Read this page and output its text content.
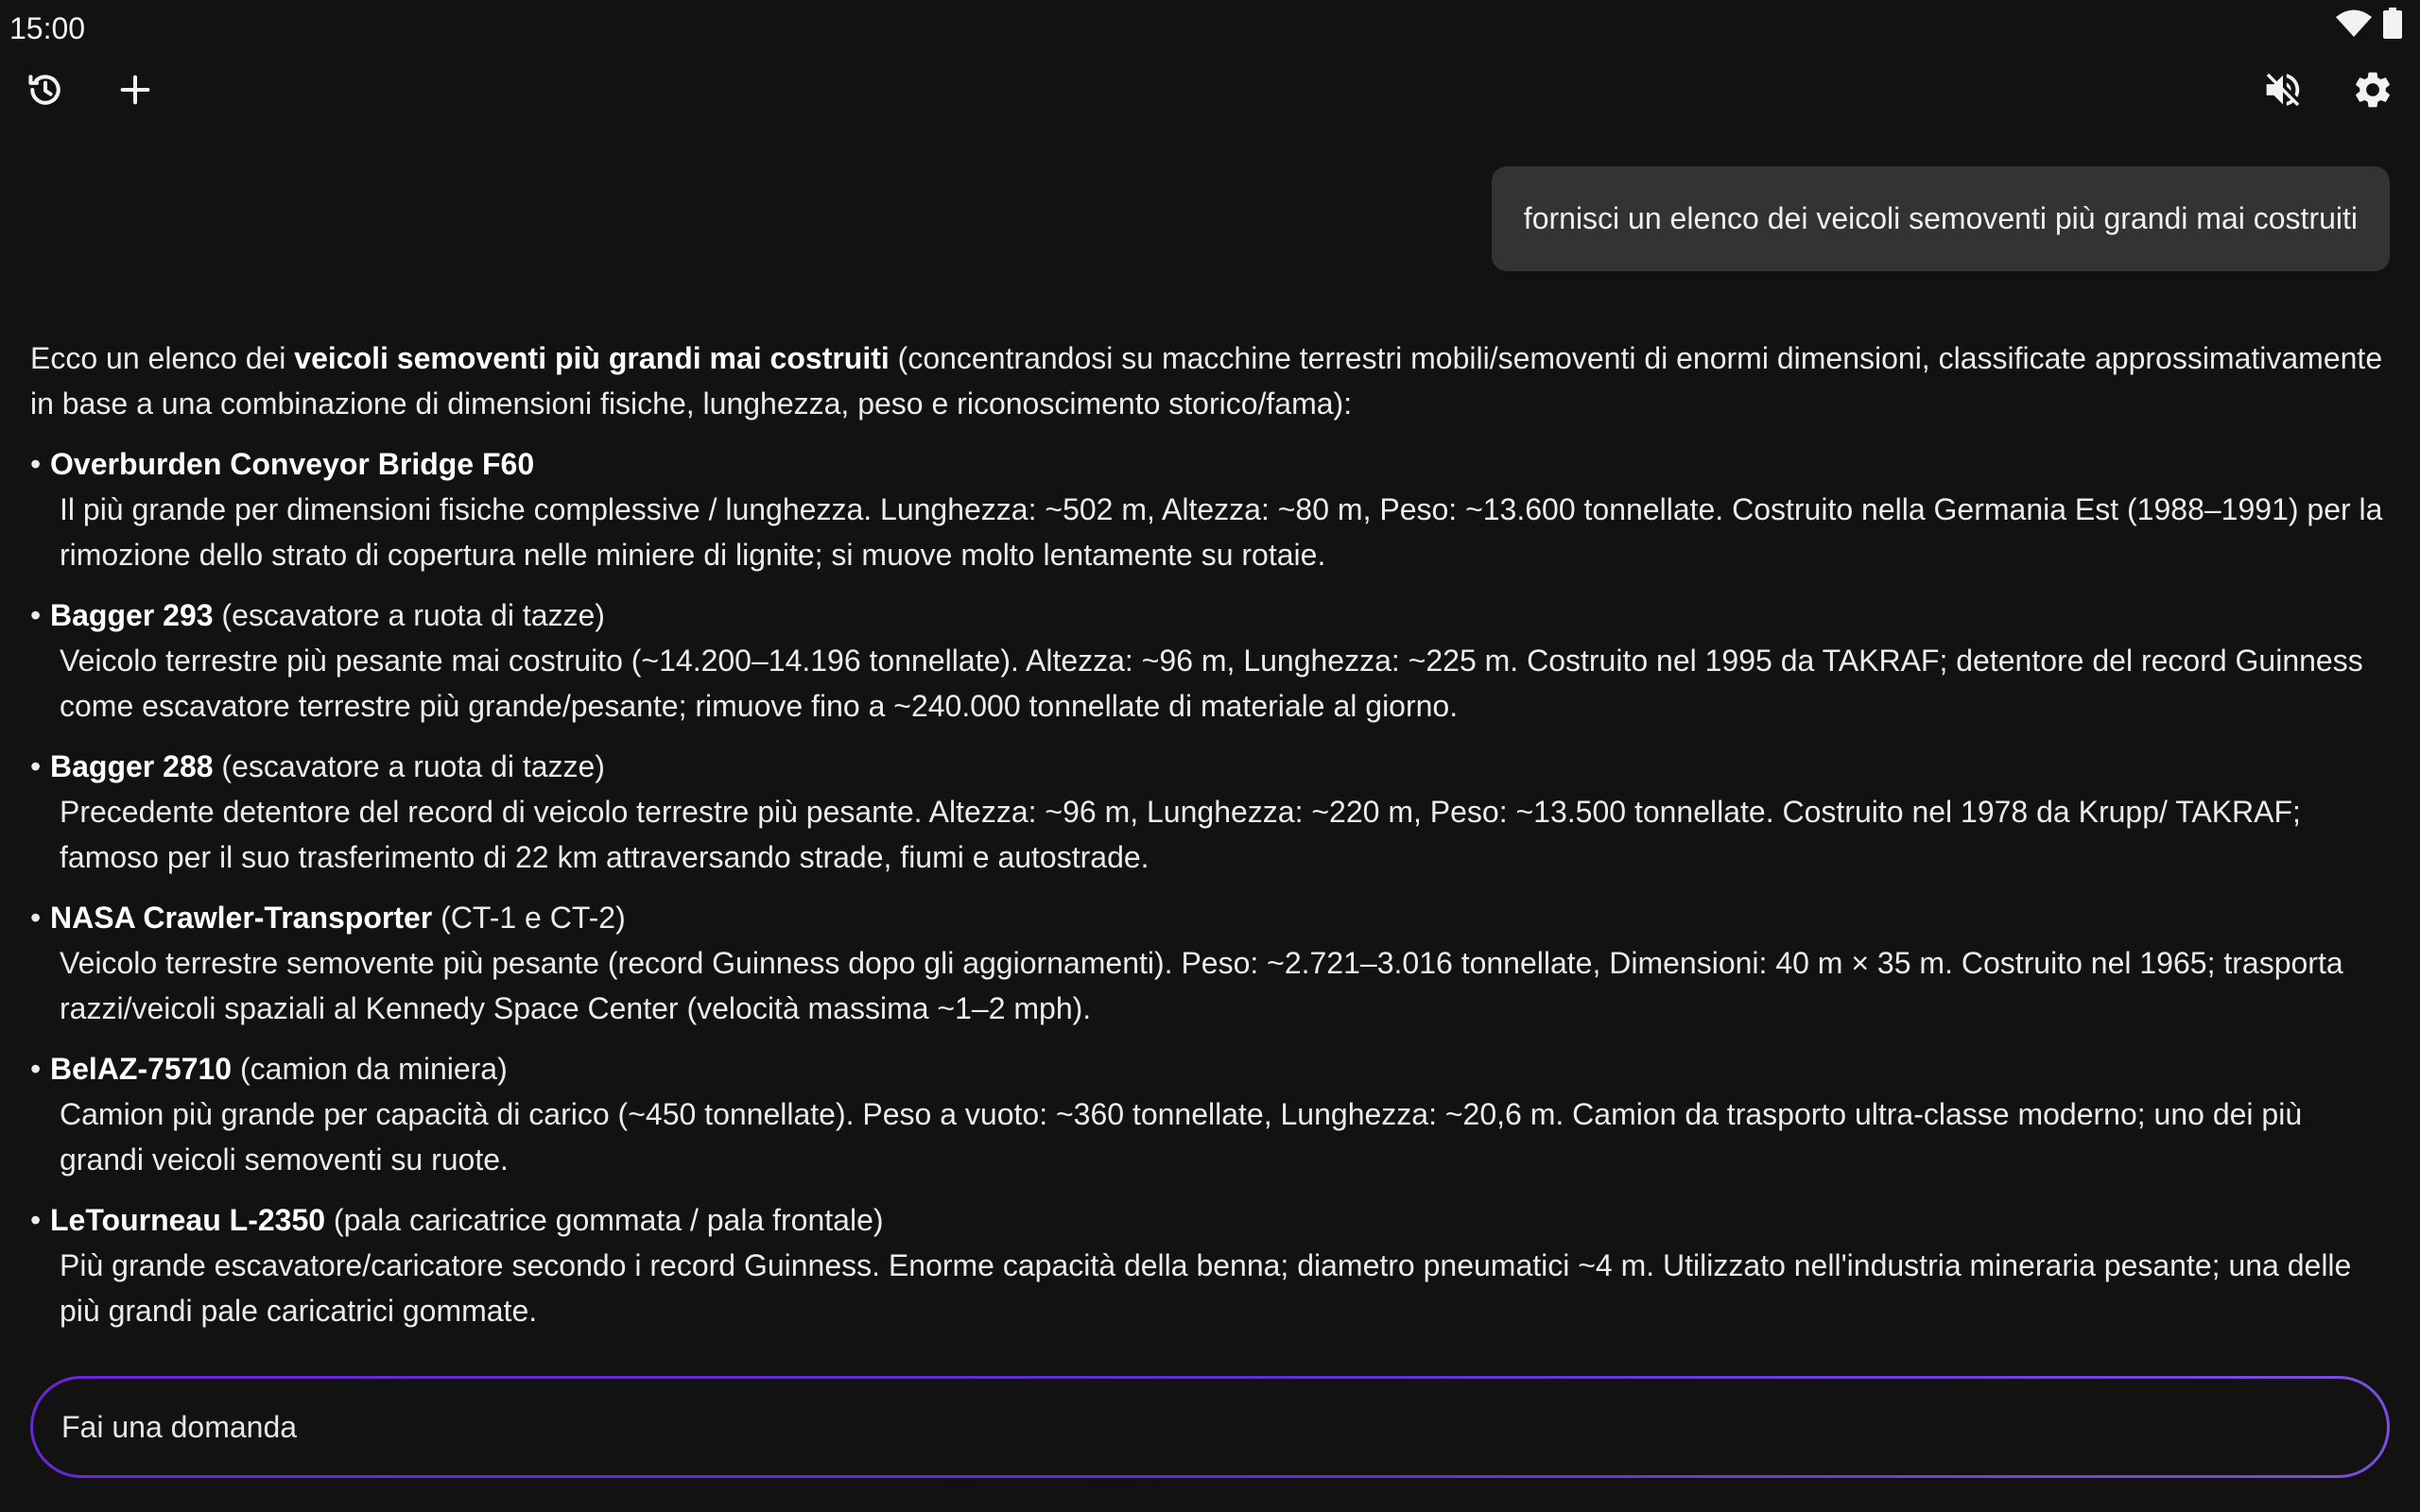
15:00
fornisci un elenco dei veicoli semoventi più grandi mai costruiti

Ecco un elenco dei veicoli semoventi più grandi mai costruiti (concentrandosi su macchine terrestri mobili/semoventi di enormi dimensioni, classificate approssimativamente in base a una combinazione di dimensioni fisiche, lunghezza, peso e riconoscimento storico/fama):

• Overburden Conveyor Bridge F60
Il più grande per dimensioni fisiche complessive / lunghezza. Lunghezza: ~502 m, Altezza: ~80 m, Peso: ~13.600 tonnellate. Costruito nella Germania Est (1988–1991) per la rimozione dello strato di copertura nelle miniere di lignite; si muove molto lentamente su rotaie.
• Bagger 293 (escavatore a ruota di tazze)
Veicolo terrestre più pesante mai costruito (~14.200–14.196 tonnellate). Altezza: ~96 m, Lunghezza: ~225 m. Costruito nel 1995 da TAKRAF; detentore del record Guinness come escavatore terrestre più grande/pesante; rimuove fino a ~240.000 tonnellate di materiale al giorno.
• Bagger 288 (escavatore a ruota di tazze)
Precedente detentore del record di veicolo terrestre più pesante. Altezza: ~96 m, Lunghezza: ~220 m, Peso: ~13.500 tonnellate. Costruito nel 1978 da Krupp/ TAKRAF; famoso per il suo trasferimento di 22 km attraversando strade, fiumi e autostrade.
• NASA Crawler-Transporter (CT-1 e CT-2)
Veicolo terrestre semovente più pesante (record Guinness dopo gli aggiornamenti). Peso: ~2.721–3.016 tonnellate, Dimensioni: 40 m × 35 m. Costruito nel 1965; trasporta razzi/veicoli spaziali al Kennedy Space Center (velocità massima ~1–2 mph).
• BelAZ-75710 (camion da miniera)
Camion più grande per capacità di carico (~450 tonnellate). Peso a vuoto: ~360 tonnellate, Lunghezza: ~20,6 m. Camion da trasporto ultra-classe moderno; uno dei più grandi veicoli semoventi su ruote.
• LeTourneau L-2350 (pala caricatrice gommata / pala frontale)
Più grande escavatore/caricatore secondo i record Guinness. Enorme capacità della benna; diametro pneumatici ~4 m. Utilizzato nell'industria mineraria pesante; una delle più grandi pale caricatrici gommate.
Fai una domanda
